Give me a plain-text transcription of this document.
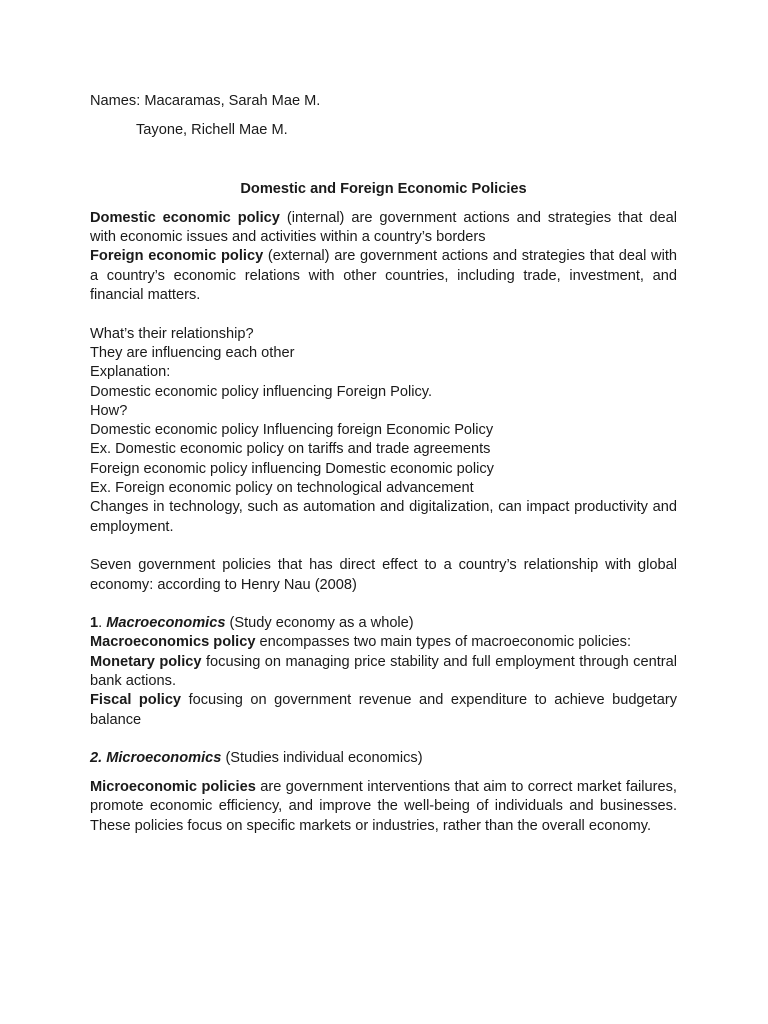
Names: Macaramas, Sarah Mae M.

Tayone, Richell Mae M.

Domestic and Foreign Economic Policies

Domestic economic policy (internal) are government actions and strategies that deal with economic issues and activities within a country’s borders

Foreign economic policy (external) are government actions and strategies that deal with a country’s economic relations with other countries, including trade, investment, and financial matters.

What’s their relationship?

They are influencing each other

Explanation:

Domestic economic policy influencing Foreign Policy.

How?

Domestic economic policy Influencing foreign Economic Policy

Ex. Domestic economic policy on tariffs and trade agreements

Foreign economic policy influencing Domestic economic policy

Ex. Foreign economic policy on technological advancement

Changes in technology, such as automation and digitalization, can impact productivity and employment.

Seven government policies that has direct effect to a country’s relationship with global economy: according to Henry Nau (2008)

1. Macroeconomics (Study economy as a whole)

Macroeconomics policy encompasses two main types of macroeconomic policies:

Monetary policy focusing on managing price stability and full employment through central bank actions.

Fiscal policy focusing on government revenue and expenditure to achieve budgetary balance

2. Microeconomics (Studies individual economics)

Microeconomic policies are government interventions that aim to correct market failures, promote economic efficiency, and improve the well-being of individuals and businesses. These policies focus on specific markets or industries, rather than the overall economy.
